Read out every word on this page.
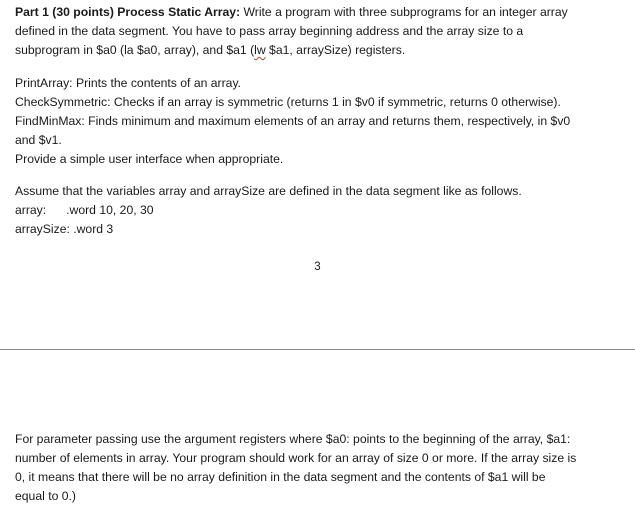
Part 1 (30 points) Process Static Array: Write a program with three subprograms for an integer array

defined in the data segment. You have to pass array beginning address and the array size to a

subprogram in $a0 (la $a0, array), and $a1 (lw $a1, arraySize) registers.

PrintArray: Prints the contents of an array.

CheckSymmetric: Checks if an array is symmetric (returns 1 in $v0 if symmetric, returns 0 otherwise).

FindMinMax: Finds minimum and maximum elements of an array and returns them, respectively, in $v0

and $v1.

Provide a simple user interface when appropriate.

Assume that the variables array and arraySize are defined in the data segment like as follows.

array: .word 10, 20, 30

arraySize: .word 3

3

For parameter passing use the argument registers where $a0: points to the beginning of the array, $a1:

number of elements in array. Your program should work for an array of size 0 or more. If the array size is

0, it means that there will be no array definition in the data segment and the contents of $a1 will be

equal to 0.)
